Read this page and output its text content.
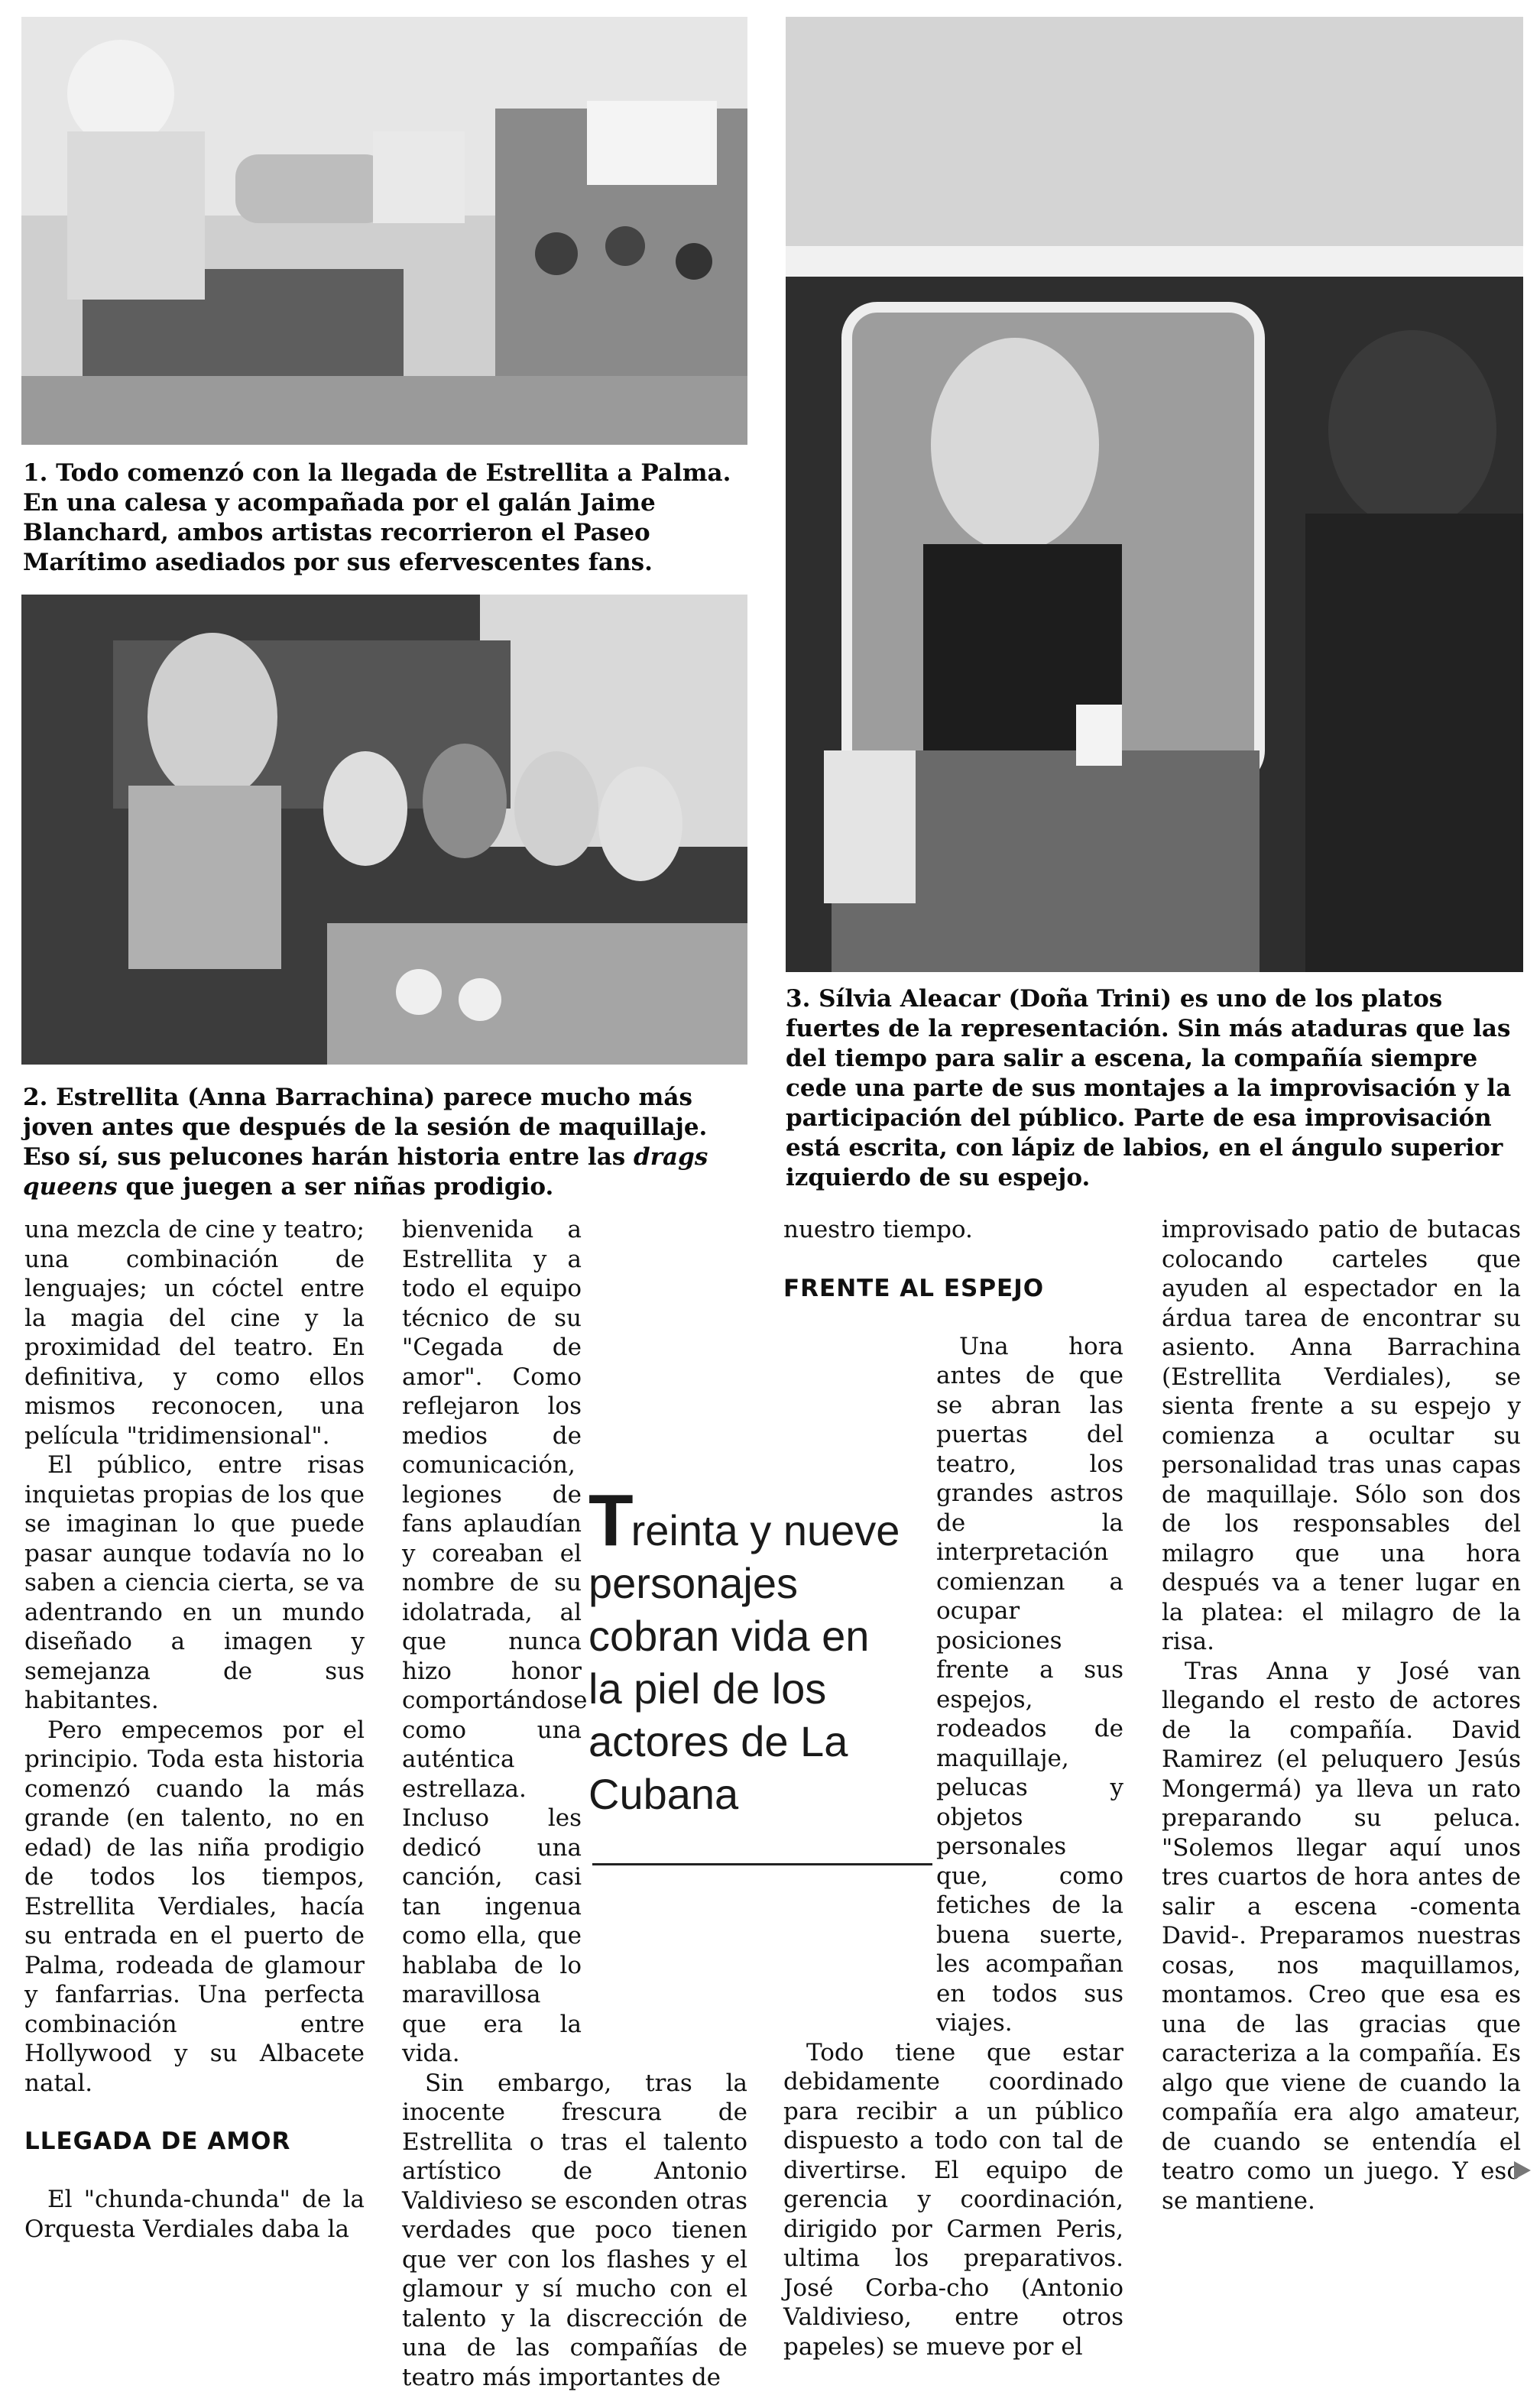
1. Todo comenzó con la llegada de Estrellita a Palma. En una calesa y acompañada por el galán Jaime Blanchard, ambos artistas recorrieron el Paseo Marítimo asediados por sus efervescentes fans.

2. Estrellita (Anna Barrachina) parece mucho más joven antes que después de la sesión de maquillaje. Eso sí, sus pelucones harán historia entre las drags queens que juegen a ser niñas prodigio.

3. Sílvia Aleacar (Doña Trini) es uno de los platos fuertes de la representación. Sin más ataduras que las del tiempo para salir a escena, la compañía siempre cede una parte de sus montajes a la improvisación y la participación del público. Parte de esa improvisación está escrita, con lápiz de labios, en el ángulo superior izquierdo de su espejo.

una mezcla de cine y teatro; una combinación de lenguajes; un cóctel entre la magia del cine y la proximidad del teatro. En definitiva, y como ellos mismos reconocen, una película "tridimensional".

El público, entre risas inquietas propias de los que se imaginan lo que puede pasar aunque todavía no lo saben a ciencia cierta, se va adentrando en un mundo diseñado a imagen y semejanza de sus habitantes.

Pero empecemos por el principio. Toda esta historia comenzó cuando la más grande (en talento, no en edad) de las niña prodigio de todos los tiempos, Estrellita Verdiales, hacía su entrada en el puerto de Palma, rodeada de glamour y fanfarrias. Una perfecta combinación entre Hollywood y su Albacete natal.

LLEGADA DE AMOR

El "chunda-chunda" de la Orquesta Verdiales daba la

bienvenida a Estrellita y a todo el equipo técnico de su "Cegada de amor". Como reflejaron los medios de comunicación, legiones de fans aplaudían y coreaban el nombre de su idolatrada, al que nunca hizo honor comportándose como una auténtica estrellaza. Incluso les dedicó una canción, casi tan ingenua como ella, que hablaba de lo maravillosa que era la vida.

Sin embargo, tras la inocente frescura de Estrellita o tras el talento artístico de Antonio Valdivieso se esconden otras verdades que poco tienen que ver con los flashes y el glamour y sí mucho con el talento y la discrección de una de las compañías de teatro más importantes de

nuestro tiempo.

FRENTE AL ESPEJO

Una hora antes de que se abran las puertas del teatro, los grandes astros de la interpretación comienzan a ocupar posiciones frente a sus espejos, rodeados de maquillaje, pelucas y objetos personales que, como fetiches de la buena suerte, les acompañan en todos sus viajes.

Todo tiene que estar debidamente coordinado para recibir a un público dispuesto a todo con tal de divertirse. El equipo de gerencia y coordinación, dirigido por Carmen Peris, ultima los preparativos. José Corba-cho (Antonio Valdivieso, entre otros papeles) se mueve por el

improvisado patio de butacas colocando carteles que ayuden al espectador en la árdua tarea de encontrar su asiento. Anna Barrachina (Estrellita Verdiales), se sienta frente a su espejo y comienza a ocultar su personalidad tras unas capas de maquillaje. Sólo son dos de los responsables del milagro que una hora después va a tener lugar en la platea: el milagro de la risa.

Tras Anna y José van llegando el resto de actores de la compañía. David Ramirez (el peluquero Jesús Mongermá) ya lleva un rato preparando su peluca. "Solemos llegar aquí unos tres cuartos de hora antes de salir a escena -comenta David-. Preparamos nuestras cosas, nos maquillamos, montamos. Creo que esa es una de las gracias que caracteriza a la compañía. Es algo que viene de cuando la compañía era algo amateur, de cuando se entendía el teatro como un juego. Y eso se mantiene.

Treinta y nueve personajes cobran vida en la piel de los actores de La Cubana
